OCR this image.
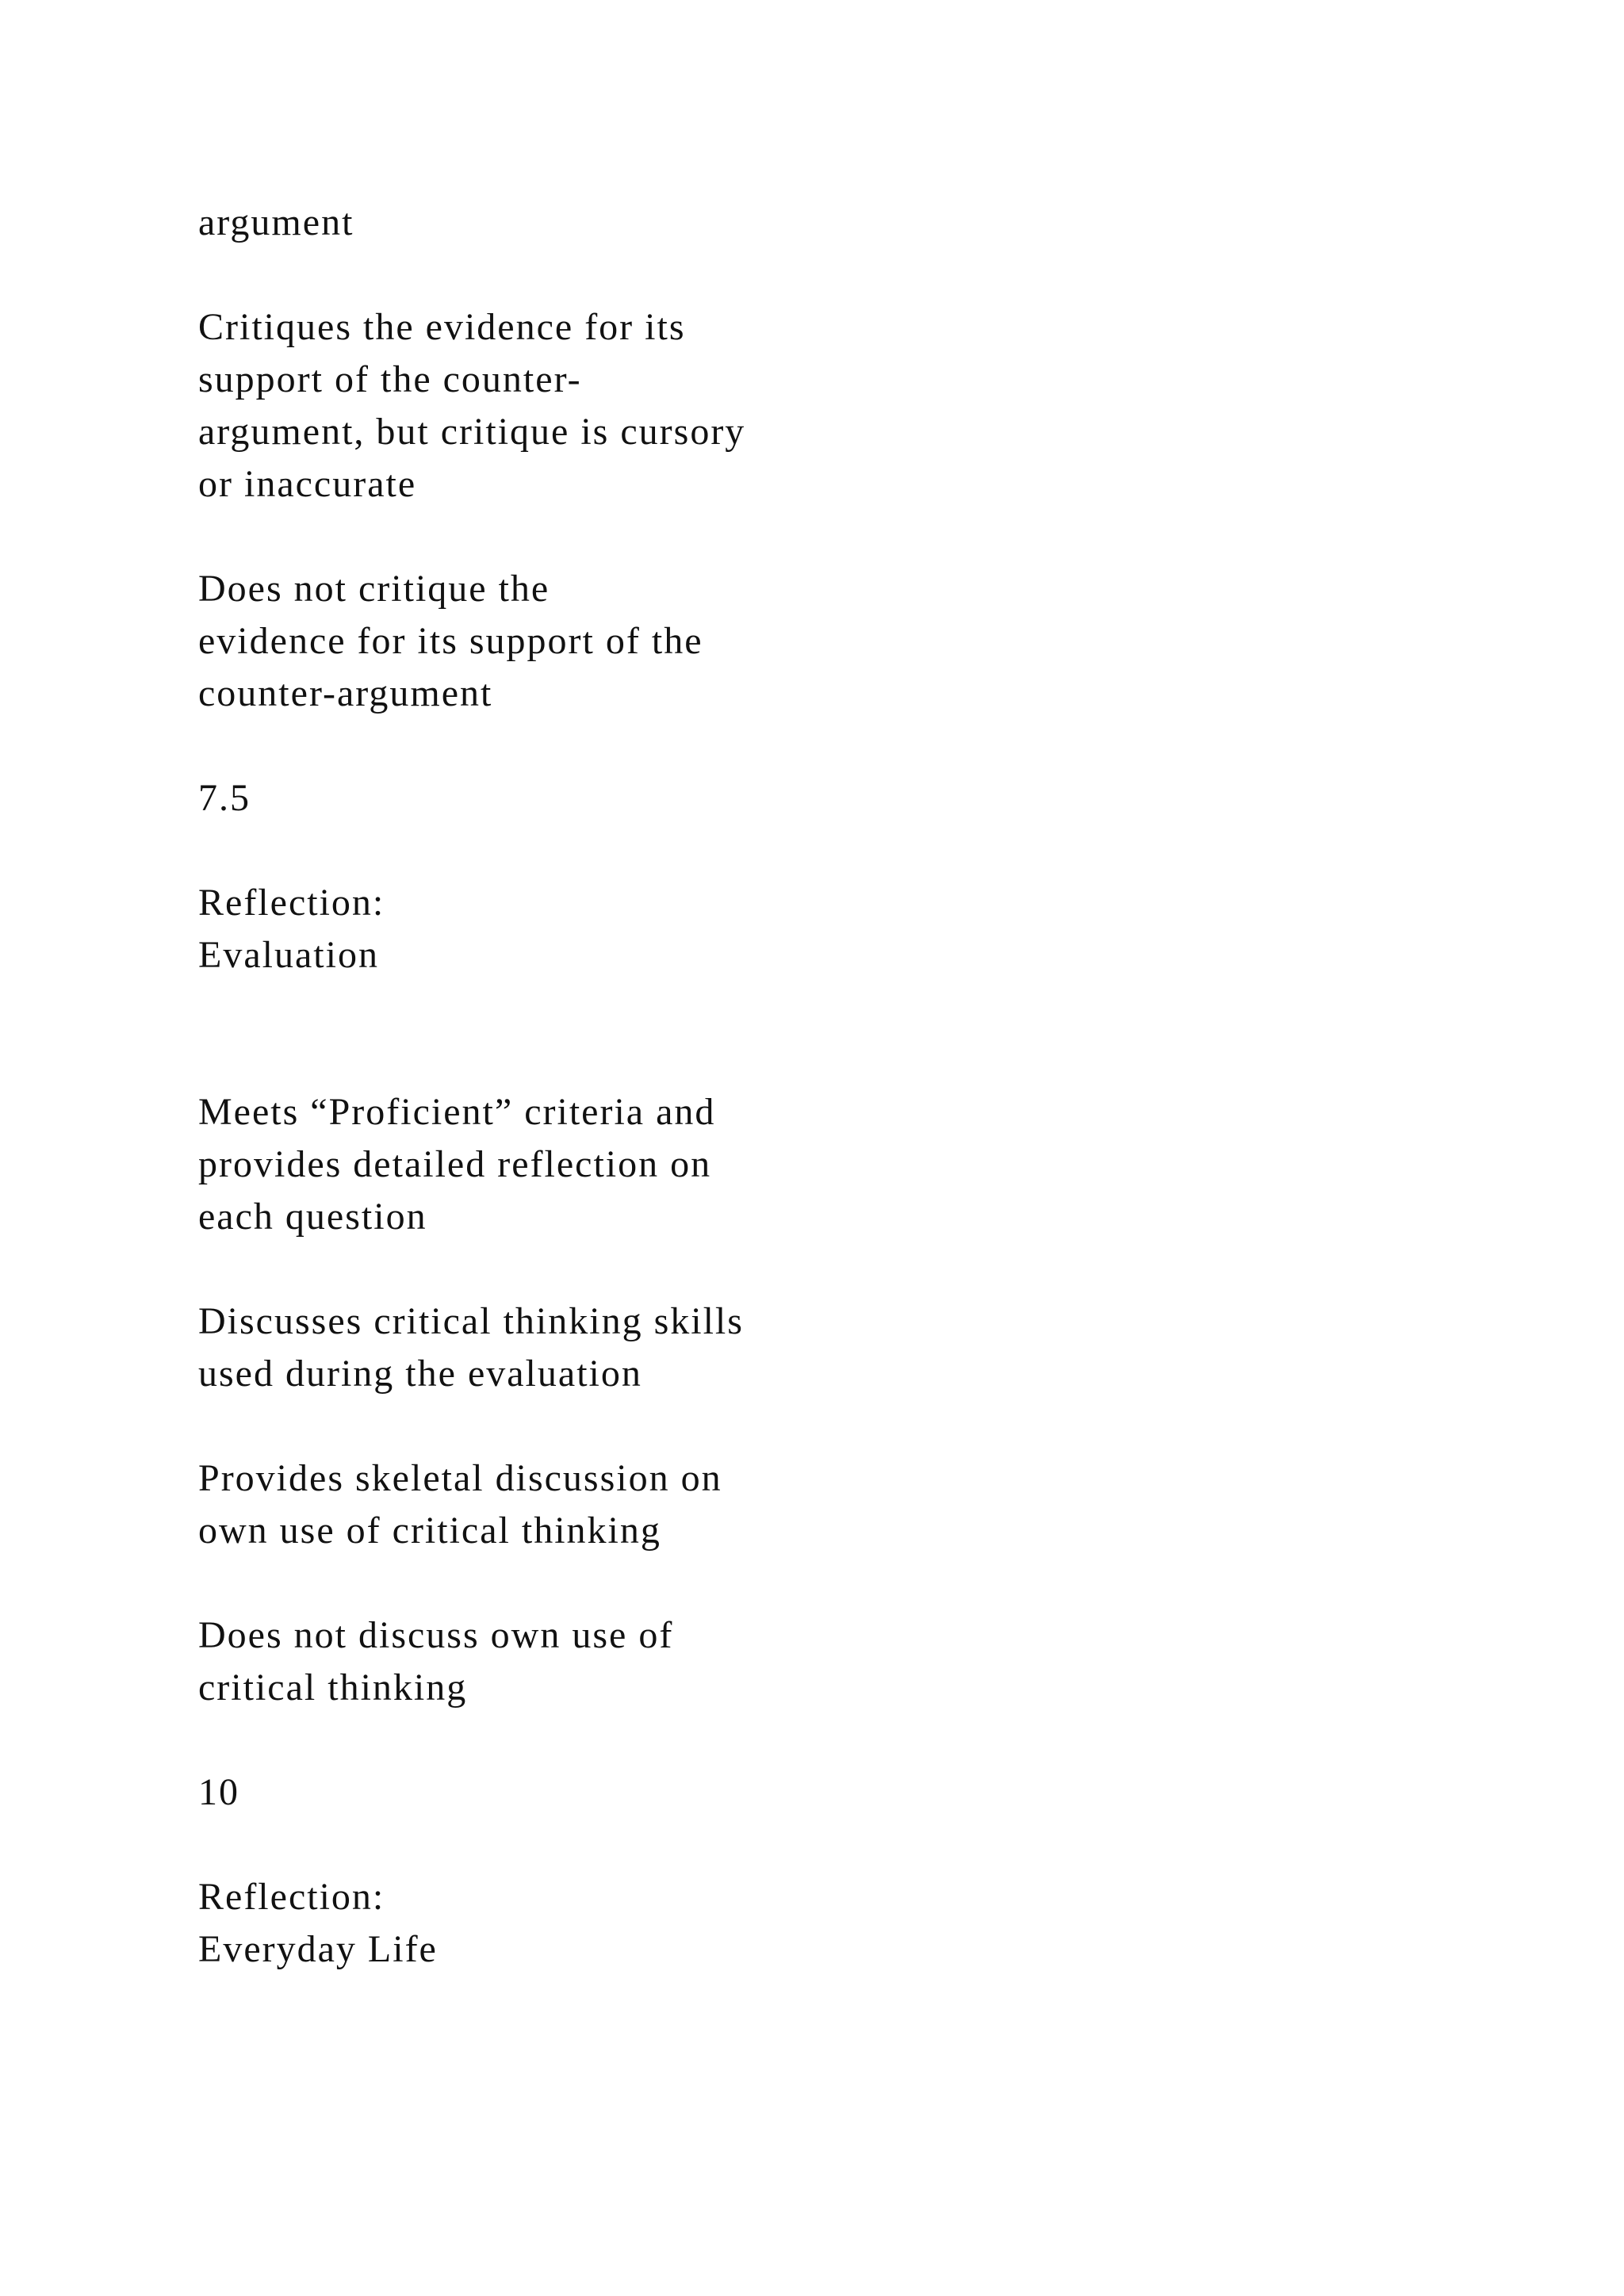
argument

Critiques the evidence for its
support of the counter-
argument, but critique is cursory
or inaccurate

Does not critique the
evidence for its support of the
counter-argument

7.5

Reflection:
Evaluation

Meets “Proficient” criteria and
provides detailed reflection on
each question

Discusses critical thinking skills
used during the evaluation

Provides skeletal discussion on
own use of critical thinking

Does not discuss own use of
critical thinking

10

Reflection:
Everyday Life
